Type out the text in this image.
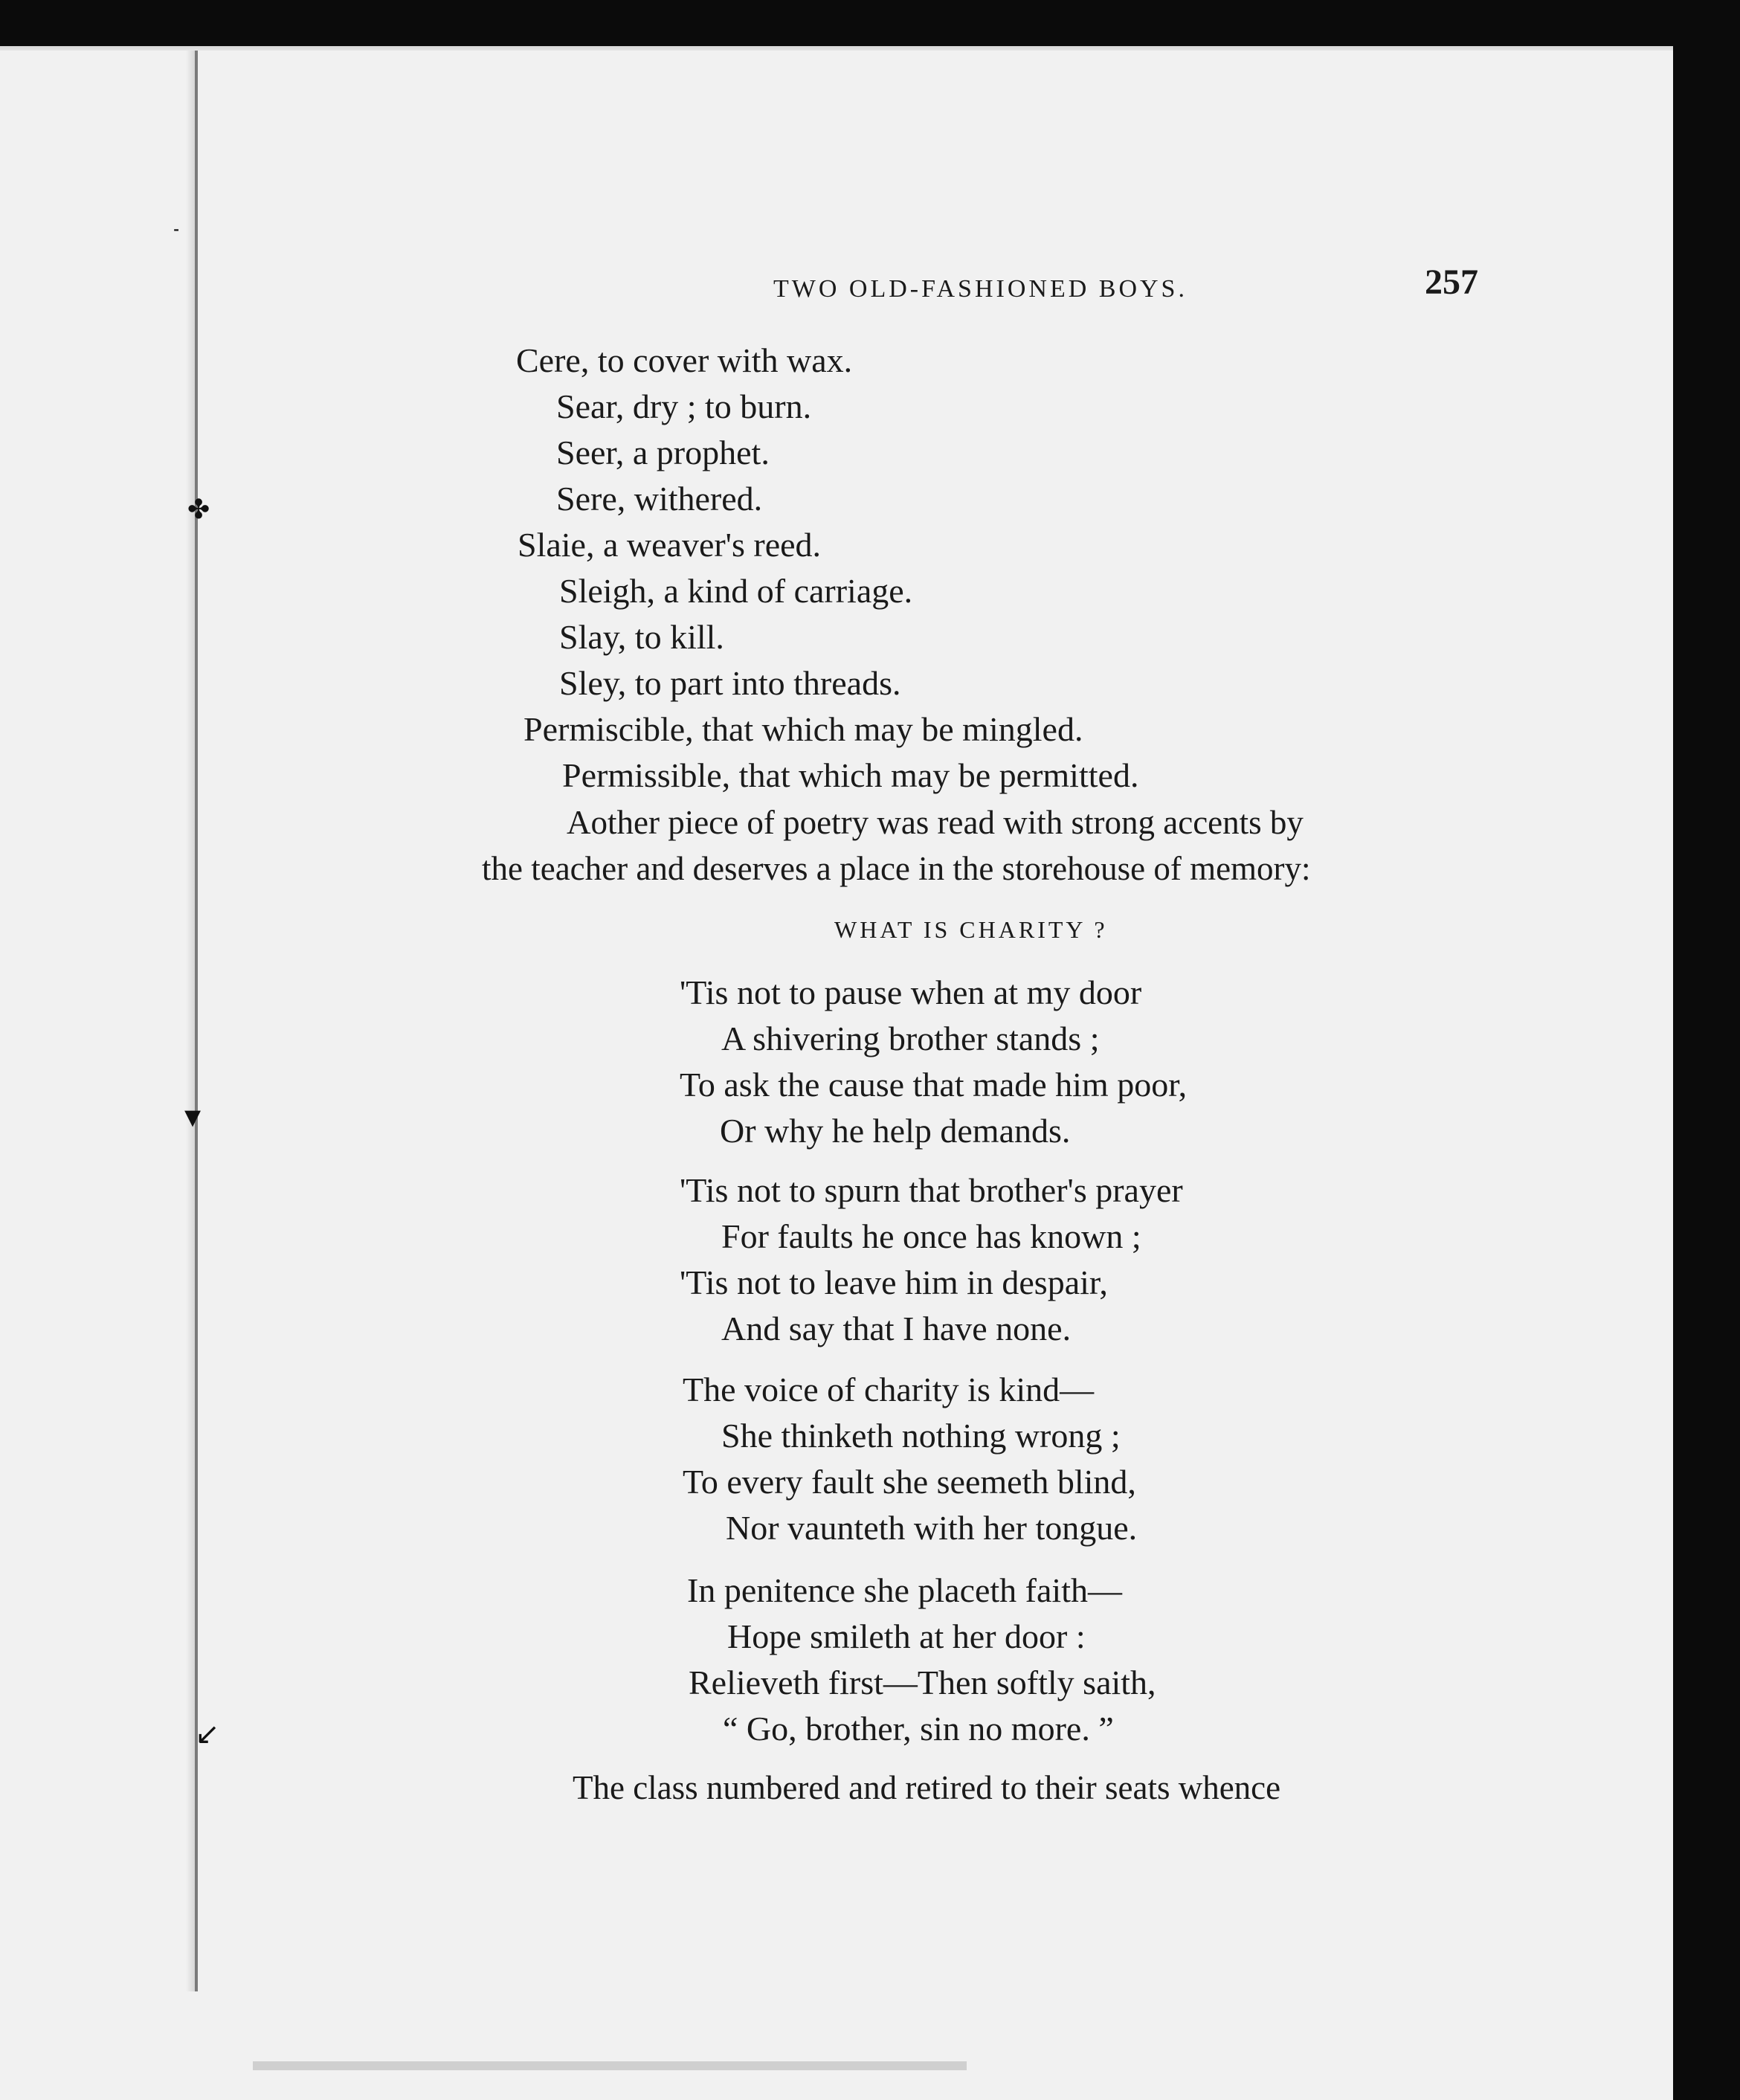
⁃
✤
▾
↙
TWO OLD-FASHIONED BOYS.	257
Cere, to cover with wax.
Sear, dry ; to burn.
Seer, a prophet.
Sere, withered.
Slaie, a weaver's reed.
Sleigh, a kind of carriage.
Slay, to kill.
Sley, to part into threads.
Permiscible, that which may be mingled.
Permissible, that which may be permitted.
Aother piece of poetry was read with strong accents by
the teacher and deserves a place in the storehouse of memory:
WHAT IS CHARITY ?
'Tis not to pause when at my door
A shivering brother stands ;
To ask the cause that made him poor,
Or why he help demands.
'Tis not to spurn that brother's prayer
For faults he once has known ;
'Tis not to leave him in despair,
And say that I have none.
The voice of charity is kind—
She thinketh nothing wrong ;
To every fault she seemeth blind,
Nor vaunteth with her tongue.
In penitence she placeth faith—
Hope smileth at her door :
Relieveth first—Then softly saith,
“ Go, brother, sin no more. ”
The class numbered and retired to their seats whence
